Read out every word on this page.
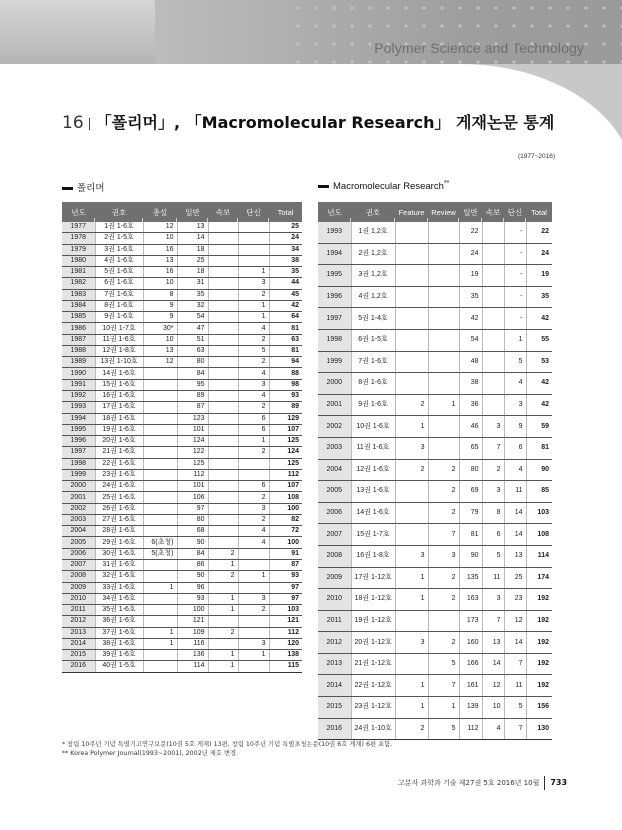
Polymer Science and Technology
16 「폴리머」, 「Macromolecular Research」 게재논문 통계
(1977~2016)
폴리머	Macromolecular Research**
년도	권호	총설	일반	속보	단신	Total
1977	1권 1-6호	12	13			25
1978	2권 1-5호	10	14			24
1979	3권 1-6호	16	18			34
1980	4권 1-6호	13	25			38
1981	5권 1-6호	16	18		1	35
1982	6권 1-6호	10	31		3	44
1983	7권 1-6호	8	35		2	45
1984	8권 1-6호	9	32		1	42
1985	9권 1-6호	9	54		1	64
1986	10권 1-7호	30*	47		4	81
1987	11권 1-6호	10	51		2	63
1988	12권 1-8호	13	63		5	81
1989	13권 1-10호	12	80		2	94
1990	14권 1-6호		84		4	88
1991	15권 1-6호		95		3	98
1992	16권 1-6호		89		4	93
1993	17권 1-6호		87		2	89
1994	18권 1-6호		123		6	129
1995	19권 1-6호		101		6	107
1996	20권 1-6호		124		1	125
1997	21권 1-6호		122		2	124
1998	22권 1-6호		125			125
1999	23권 1-6호		112			112
2000	24권 1-6호		101		6	107
2001	25권 1-6호		106		2	108
2002	26권 1-6호		97		3	100
2003	27권 1-6호		80		2	82
2004	28권 1-6호		68		4	72
2005	29권 1-6호	6(초청)	90		4	100
2006	30권 1-6호	5(초청)	84	2		91
2007	31권 1-6호		86	1		87
2008	32권 1-6호		90	2	1	93
2009	33권 1-6호	1	96			97
2010	34권 1-6호		93	1	3	97
2011	35권 1-6호		100	1	2	103
2012	36권 1-6호		121			121
2013	37권 1-6호	1	109	2		112
2014	38권 1-6호	1	116		3	120
2015	39권 1-6호		136	1	1	138
2016	40권 1-5호		114	1		115
년도	권호	Feature	Review	일반	속보	단신	Total
1993	1권 1,2호			22		-	22
1994	2권 1,2호			24		-	24
1995	3권 1,2호			19		-	19
1996	4권 1,2호			35		-	35
1997	5권 1-4호			42		-	42
1998	6권 1-5호			54		1	55
1999	7권 1-6호			48		5	53
2000	8권 1-6호			38		4	42
2001	9권 1-6호	2	1	36		3	42
2002	10권 1-6호	1		46	3	9	59
2003	11권 1-6호	3		65	7	6	81
2004	12권 1-6호	2	2	80	2	4	90
2005	13권 1-6호		2	69	3	11	85
2006	14권 1-6호		2	79	8	14	103
2007	15권 1-7호		7	81	6	14	108
2008	16권 1-8호	3	3	90	5	13	114
2009	17권 1-12호	1	2	135	11	25	174
2010	18권 1-12호	1	2	163	3	23	192
2011	19권 1-12호			173	7	12	192
2012	20권 1-12호	3	2	160	13	14	192
2013	21권 1-12호		5	166	14	7	192
2014	22권 1-12호	1	7	161	12	11	192
2015	23권 1-12호	1	1	139	10	5	156
2016	24권 1-10호	2	5	112	4	7	130
* 창립 10주년 기념 특별기고연구보문(10권 5호 게재) 13편, 창립 10주년 기념 특별초청논문(10권 6호 게재) 6편 포함.
** Korea Polymer Journal(1993~2001), 2002년 제호 변경.
고분자 과학과 기술 제27권 5호 2016년 10월 733
